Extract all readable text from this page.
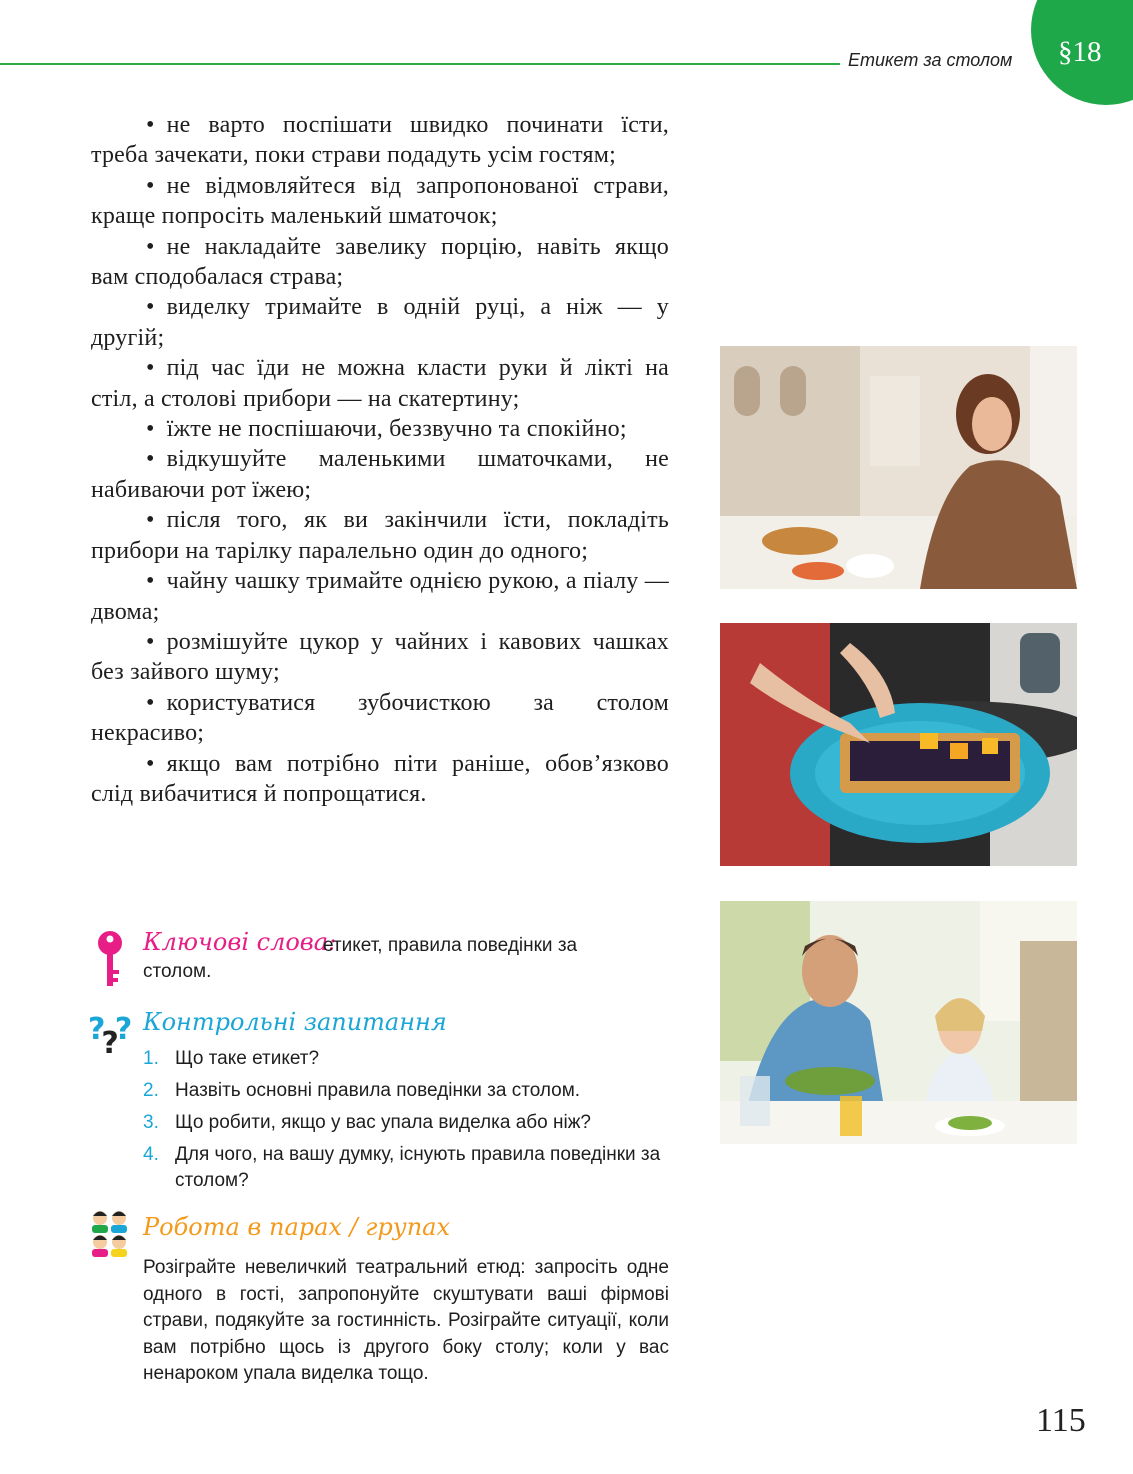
Етикет за столом §18

• не варто поспішати швидко починати їсти, треба зачекати, поки страви подадуть усім гостям;

• не відмовляйтеся від запропонованої страви, краще попросіть маленький шматочок;

• не накладайте завелику порцію, навіть якщо вам сподобалася страва;

• виделку тримайте в одній руці, а ніж — у другій;

• під час їди не можна класти руки й лікті на стіл, а столові прибори — на скатертину;

• їжте не поспішаючи, беззвучно та спокійно;

• відкушуйте маленькими шматочками, не набиваючи рот їжею;

• після того, як ви закінчили їсти, покладіть прибори на тарілку паралельно один до одного;

• чайну чашку тримайте однією рукою, а піалу — двома;

• розмішуйте цукор у чайних і кавових чашках без зайвого шуму;

• користуватися зубочисткою за столом некрасиво;

• якщо вам потрібно піти раніше, обов’язково слід вибачитися й попрощатися.

Ключові слова:
етикет, правила поведінки за столом.
??? Контрольні запитання
1. Що таке етикет?
2. Назвіть основні правила поведінки за столом.
3. Що робити, якщо у вас упала виделка або ніж?
4. Для чого, на вашу думку, існують правила поведінки за столом?
Робота в парах / групах

Розіграйте невеличкий театральний етюд: запросіть одне одного в гості, запропонуйте скуштувати ваші фірмові страви, подякуйте за гостинність. Розіграйте ситуації, коли вам потрібно щось із другого боку столу; коли у вас ненароком упала виделка тощо.

115
